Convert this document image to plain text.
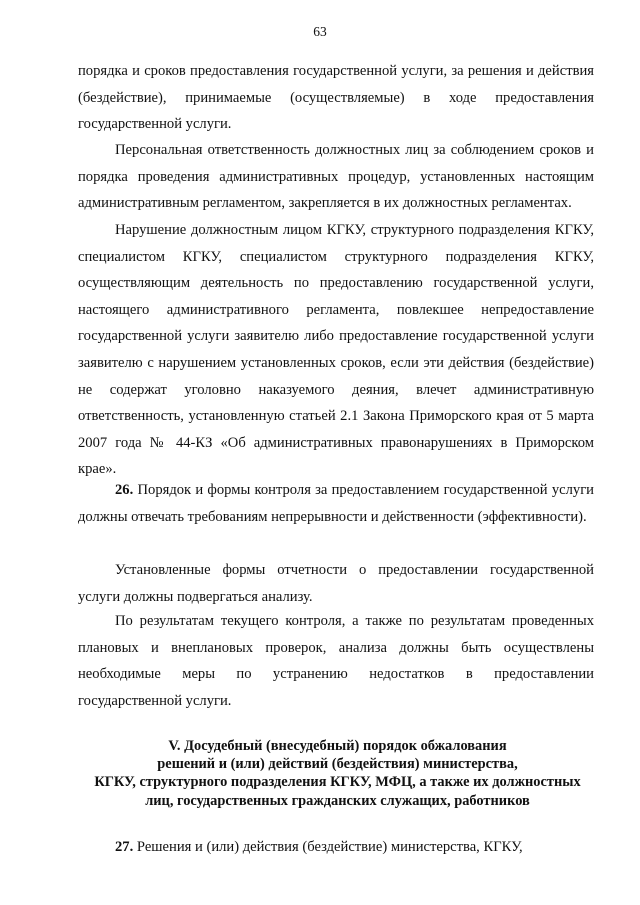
63

порядка и сроков предоставления государственной услуги, за решения и действия (бездействие), принимаемые (осуществляемые) в ходе предоставления государственной услуги.

Персональная ответственность должностных лиц за соблюдением сроков и порядка проведения административных процедур, установленных настоящим административным регламентом, закрепляется в их должностных регламентах.

Нарушение должностным лицом КГКУ, структурного подразделения КГКУ, специалистом КГКУ, специалистом структурного подразделения КГКУ, осуществляющим деятельность по предоставлению государственной услуги, настоящего административного регламента, повлекшее непредоставление государственной услуги заявителю либо предоставление государственной услуги заявителю с нарушением установленных сроков, если эти действия (бездействие) не содержат уголовно наказуемого деяния, влечет административную ответственность, установленную статьей 2.1 Закона Приморского края от 5 марта 2007 года № 44-КЗ «Об административных правонарушениях в Приморском крае».

26. Порядок и формы контроля за предоставлением государственной услуги должны отвечать требованиям непрерывности и действенности (эффективности).

Установленные формы отчетности о предоставлении государственной услуги должны подвергаться анализу.

По результатам текущего контроля, а также по результатам проведенных плановых и внеплановых проверок, анализа должны быть осуществлены необходимые меры по устранению недостатков в предоставлении государственной услуги.

V. Досудебный (внесудебный) порядок обжалования
решений и (или) действий (бездействия) министерства,
КГКУ, структурного подразделения КГКУ, МФЦ, а также их должностных
лиц, государственных гражданских служащих, работников

27. Решения и (или) действия (бездействие) министерства, КГКУ,
